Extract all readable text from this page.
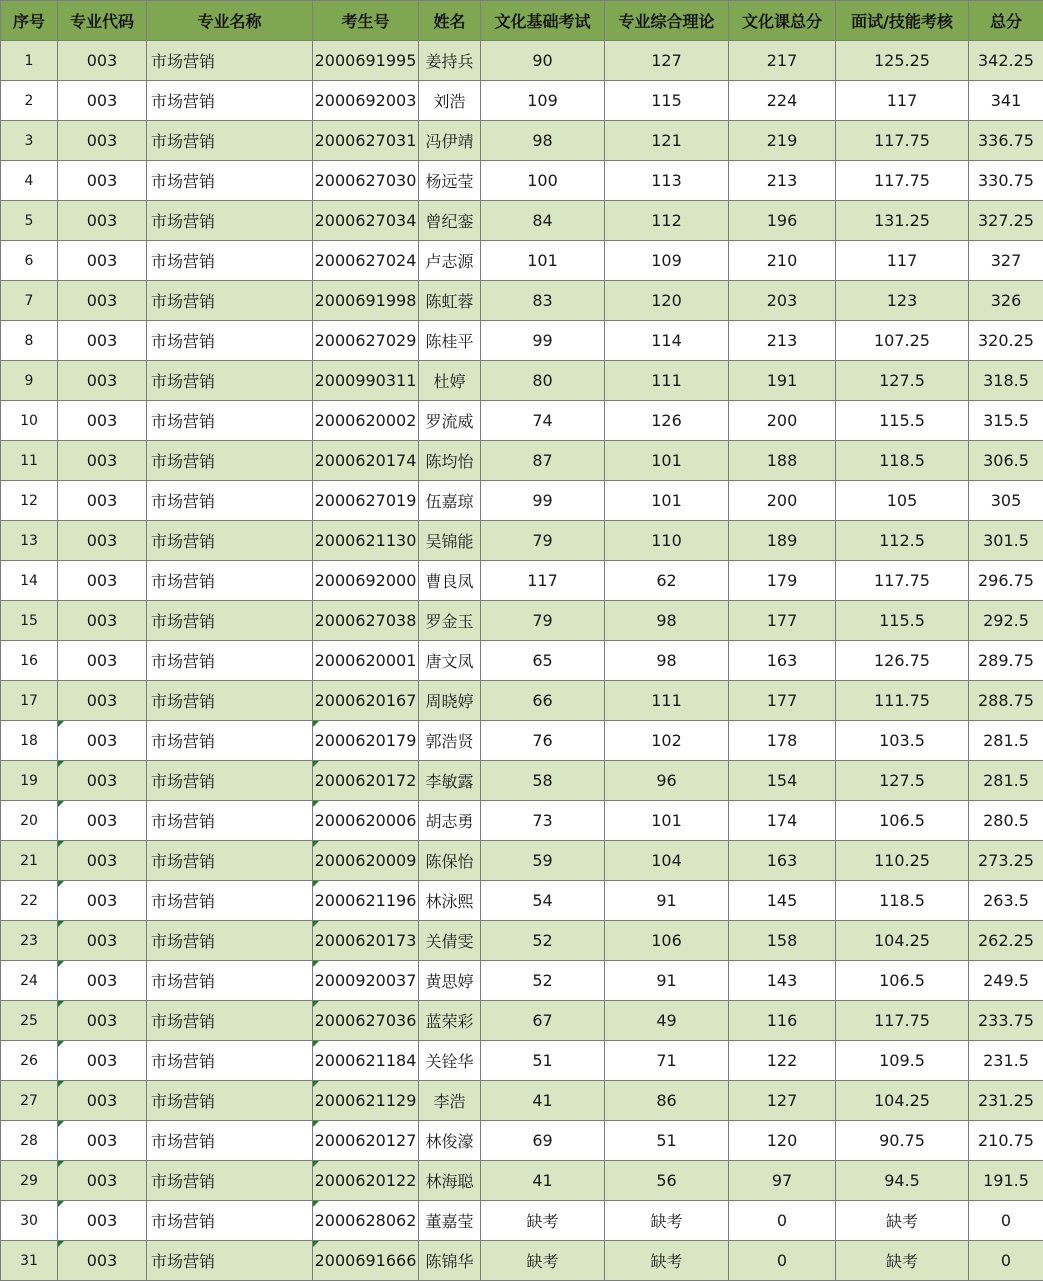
序号	专业代码	专业名称	考生号	姓名	文化基础考试	专业综合理论	文化课总分	面试/技能考核	总分
1	003	市场营销	2000691995	姜持兵	90	127	217	125.25	342.25
2	003	市场营销	2000692003	刘浩	109	115	224	117	341
3	003	市场营销	2000627031	冯伊靖	98	121	219	117.75	336.75
4	003	市场营销	2000627030	杨远莹	100	113	213	117.75	330.75
5	003	市场营销	2000627034	曾纪銮	84	112	196	131.25	327.25
6	003	市场营销	2000627024	卢志源	101	109	210	117	327
7	003	市场营销	2000691998	陈虹蓉	83	120	203	123	326
8	003	市场营销	2000627029	陈桂平	99	114	213	107.25	320.25
9	003	市场营销	2000990311	杜婷	80	111	191	127.5	318.5
10	003	市场营销	2000620002	罗流威	74	126	200	115.5	315.5
11	003	市场营销	2000620174	陈均怡	87	101	188	118.5	306.5
12	003	市场营销	2000627019	伍嘉琼	99	101	200	105	305
13	003	市场营销	2000621130	吴锦能	79	110	189	112.5	301.5
14	003	市场营销	2000692000	曹良凤	117	62	179	117.75	296.75
15	003	市场营销	2000627038	罗金玉	79	98	177	115.5	292.5
16	003	市场营销	2000620001	唐文凤	65	98	163	126.75	289.75
17	003	市场营销	2000620167	周晓婷	66	111	177	111.75	288.75
18	003	市场营销	2000620179	郭浩贤	76	102	178	103.5	281.5
19	003	市场营销	2000620172	李敏露	58	96	154	127.5	281.5
20	003	市场营销	2000620006	胡志勇	73	101	174	106.5	280.5
21	003	市场营销	2000620009	陈保怡	59	104	163	110.25	273.25
22	003	市场营销	2000621196	林泳熙	54	91	145	118.5	263.5
23	003	市场营销	2000620173	关倩雯	52	106	158	104.25	262.25
24	003	市场营销	2000920037	黄思婷	52	91	143	106.5	249.5
25	003	市场营销	2000627036	蓝荣彩	67	49	116	117.75	233.75
26	003	市场营销	2000621184	关铨华	51	71	122	109.5	231.5
27	003	市场营销	2000621129	李浩	41	86	127	104.25	231.25
28	003	市场营销	2000620127	林俊濠	69	51	120	90.75	210.75
29	003	市场营销	2000620122	林海聪	41	56	97	94.5	191.5
30	003	市场营销	2000628062	董嘉莹	缺考	缺考	0	缺考	0
31	003	市场营销	2000691666	陈锦华	缺考	缺考	0	缺考	0
